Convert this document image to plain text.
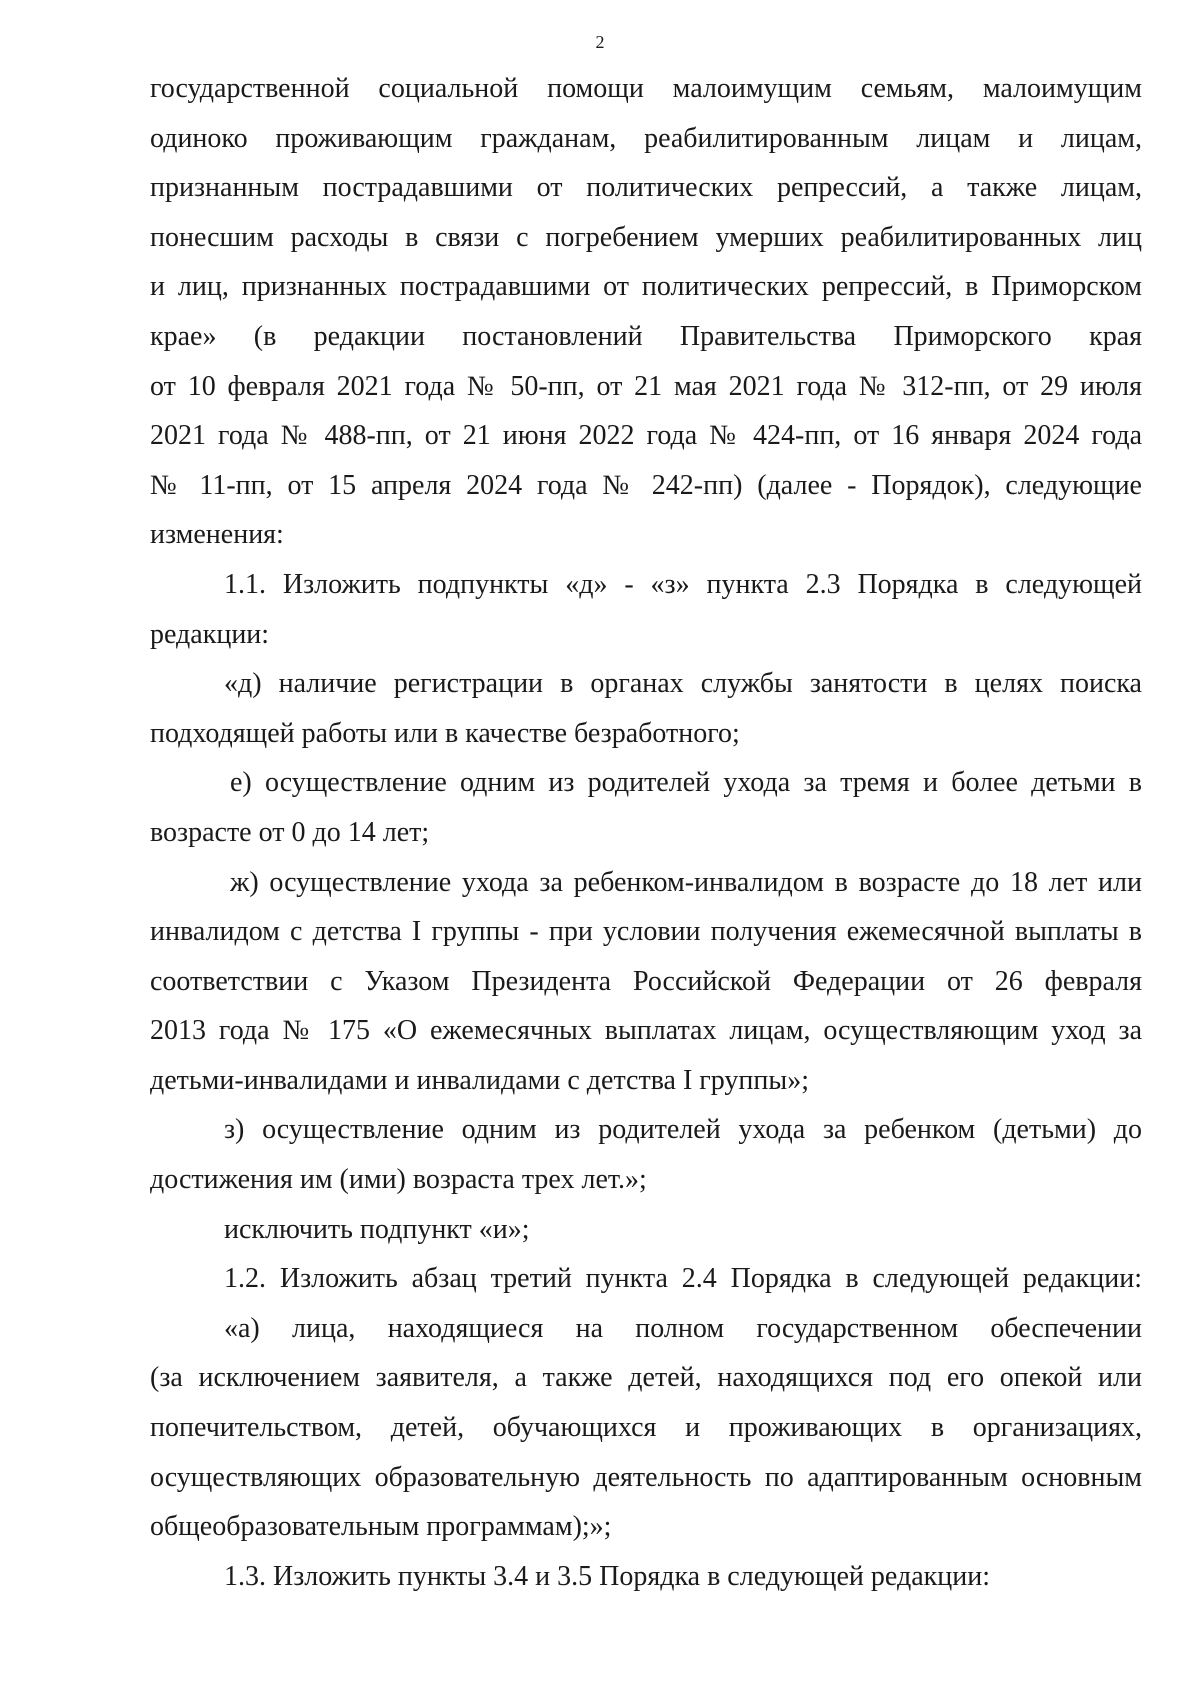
2

государственной социальной помощи малоимущим семьям, малоимущим

одиноко проживающим гражданам, реабилитированным лицам и лицам,

признанным пострадавшими от политических репрессий, а также лицам,

понесшим расходы в связи с погребением умерших реабилитированных лиц

и лиц, признанных пострадавшими от политических репрессий, в Приморском

крае» (в редакции постановлений Правительства Приморского края

от 10 февраля 2021 года № 50-пп, от 21 мая 2021 года № 312-пп, от 29 июля

2021 года № 488-пп, от 21 июня 2022 года № 424-пп, от 16 января 2024 года

№ 11-пп, от 15 апреля 2024 года № 242-пп) (далее - Порядок), следующие

изменения:

1.1. Изложить подпункты «д» - «з» пункта 2.3 Порядка в следующей

редакции:

«д) наличие регистрации в органах службы занятости в целях поиска

подходящей работы или в качестве безработного;

е) осуществление одним из родителей ухода за тремя и более детьми в

возрасте от 0 до 14 лет;

ж) осуществление ухода за ребенком-инвалидом в возрасте до 18 лет или

инвалидом с детства I группы - при условии получения ежемесячной выплаты в

соответствии с Указом Президента Российской Федерации от 26 февраля

2013 года № 175 «О ежемесячных выплатах лицам, осуществляющим уход за

детьми-инвалидами и инвалидами с детства I группы»;

з) осуществление одним из родителей ухода за ребенком (детьми) до

достижения им (ими) возраста трех лет.»;

исключить подпункт «и»;

1.2. Изложить абзац третий пункта 2.4 Порядка в следующей редакции:

«а) лица, находящиеся на полном государственном обеспечении

(за исключением заявителя, а также детей, находящихся под его опекой или

попечительством, детей, обучающихся и проживающих в организациях,

осуществляющих образовательную деятельность по адаптированным основным

общеобразовательным программам);»;

1.3. Изложить пункты 3.4 и 3.5 Порядка в следующей редакции:
